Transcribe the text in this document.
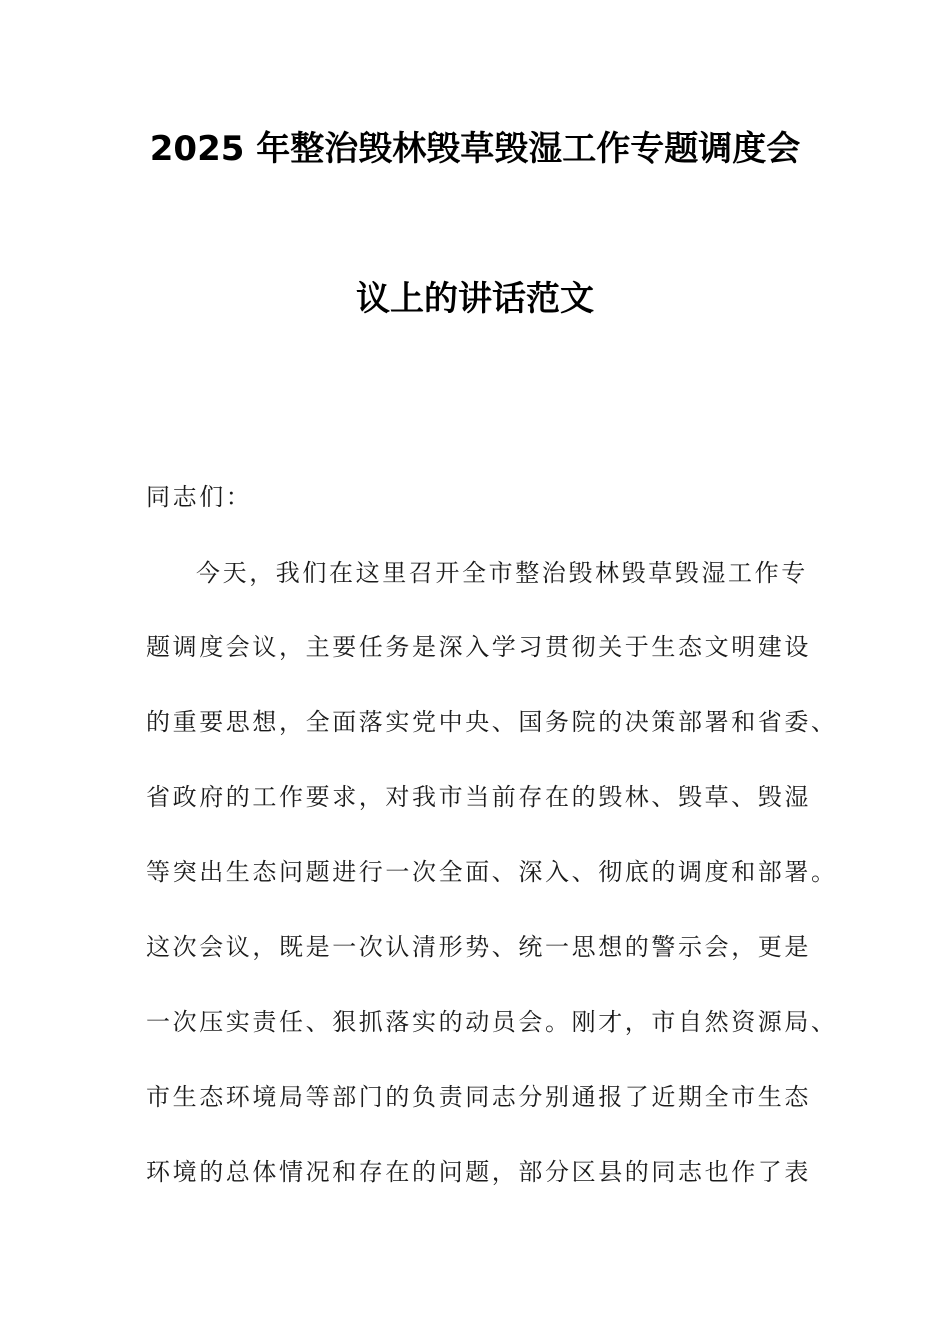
2025 年整治毁林毁草毁湿工作专题调度会
议上的讲话范文
同志们：
今天，我们在这里召开全市整治毁林毁草毁湿工作专
题调度会议，主要任务是深入学习贯彻关于生态文明建设
的重要思想，全面落实党中央、国务院的决策部署和省委、
省政府的工作要求，对我市当前存在的毁林、毁草、毁湿
等突出生态问题进行一次全面、深入、彻底的调度和部署。
这次会议，既是一次认清形势、统一思想的警示会，更是
一次压实责任、狠抓落实的动员会。刚才，市自然资源局、
市生态环境局等部门的负责同志分别通报了近期全市生态
环境的总体情况和存在的问题，部分区县的同志也作了表
